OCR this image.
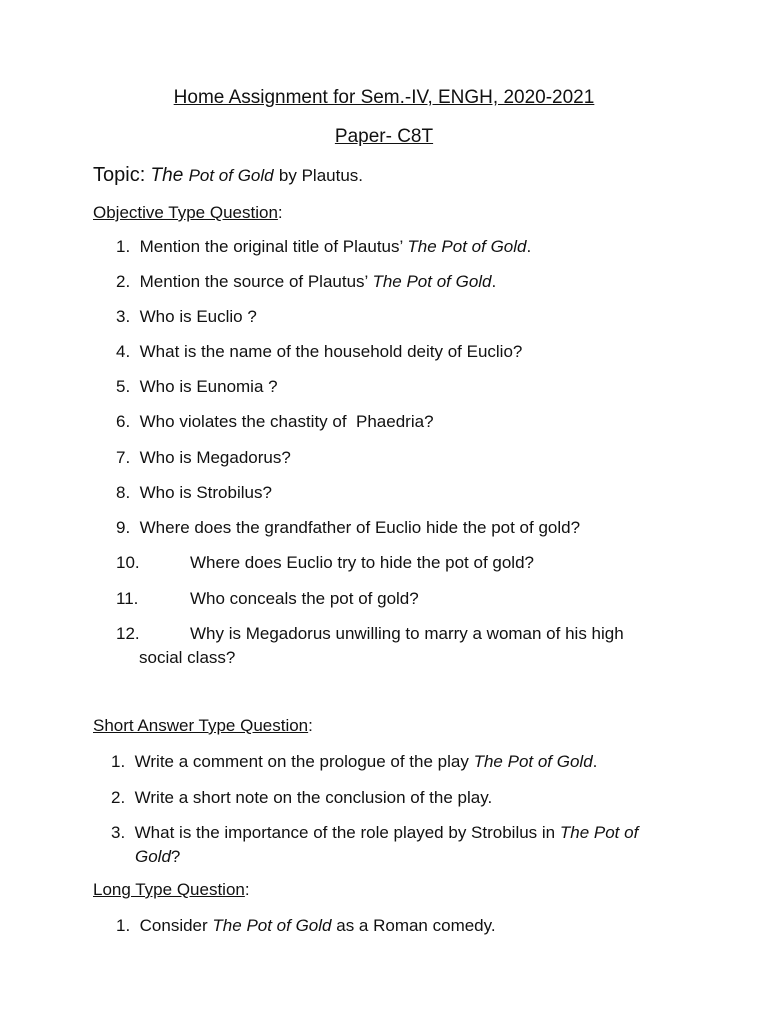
Home Assignment for Sem.-IV, ENGH, 2020-2021
Paper- C8T
Topic: The Pot of Gold by Plautus.
Objective Type Question:
1. Mention the original title of Plautus’ The Pot of Gold.
2. Mention the source of Plautus’ The Pot of Gold.
3. Who is Euclio ?
4. What is the name of the household deity of Euclio?
5. Who is Eunomia ?
6. Who violates the chastity of  Phaedria?
7. Who is Megadorus?
8. Who is Strobilus?
9. Where does the grandfather of Euclio hide the pot of gold?
10.	Where does Euclio try to hide the pot of gold?
11.	Who conceals the pot of gold?
12.	Why is Megadorus unwilling to marry a woman of his high
social class?
Short Answer Type Question:
1. Write a comment on the prologue of the play The Pot of Gold.
2. Write a short note on the conclusion of the play.
3. What is the importance of the role played by Strobilus in The Pot of
Gold?
Long Type Question:
1. Consider The Pot of Gold as a Roman comedy.
